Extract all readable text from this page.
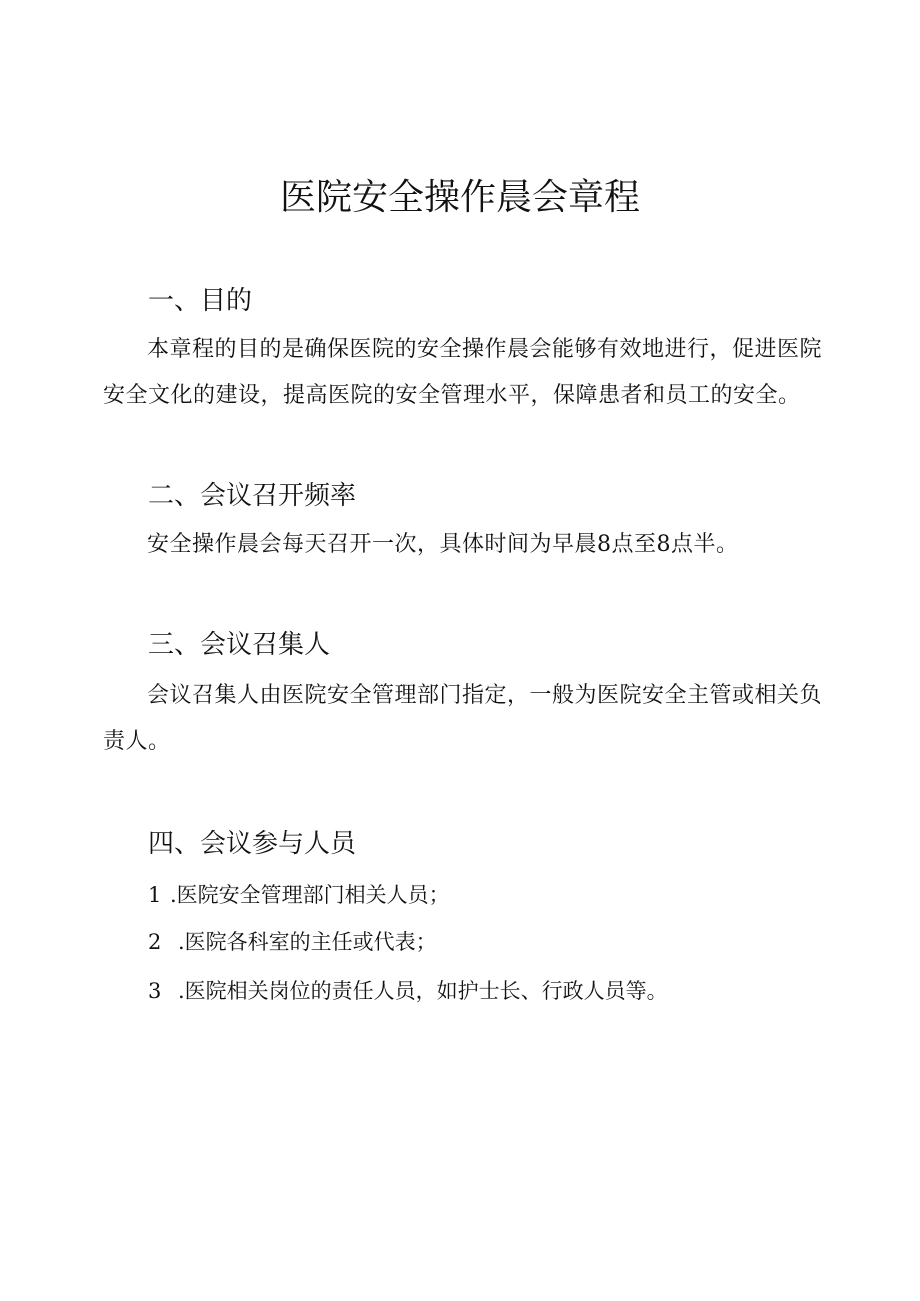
医院安全操作晨会章程
一、目的

本章程的目的是确保医院的安全操作晨会能够有效地进行，促进医院安全文化的建设，提高医院的安全管理水平，保障患者和员工的安全。

二、会议召开频率

安全操作晨会每天召开一次，具体时间为早晨8点至8点半。

三、会议召集人

会议召集人由医院安全管理部门指定，一般为医院安全主管或相关负责人。

四、会议参与人员
1 .医院安全管理部门相关人员；
2 .医院各科室的主任或代表；
3 .医院相关岗位的责任人员，如护士长、行政人员等。
